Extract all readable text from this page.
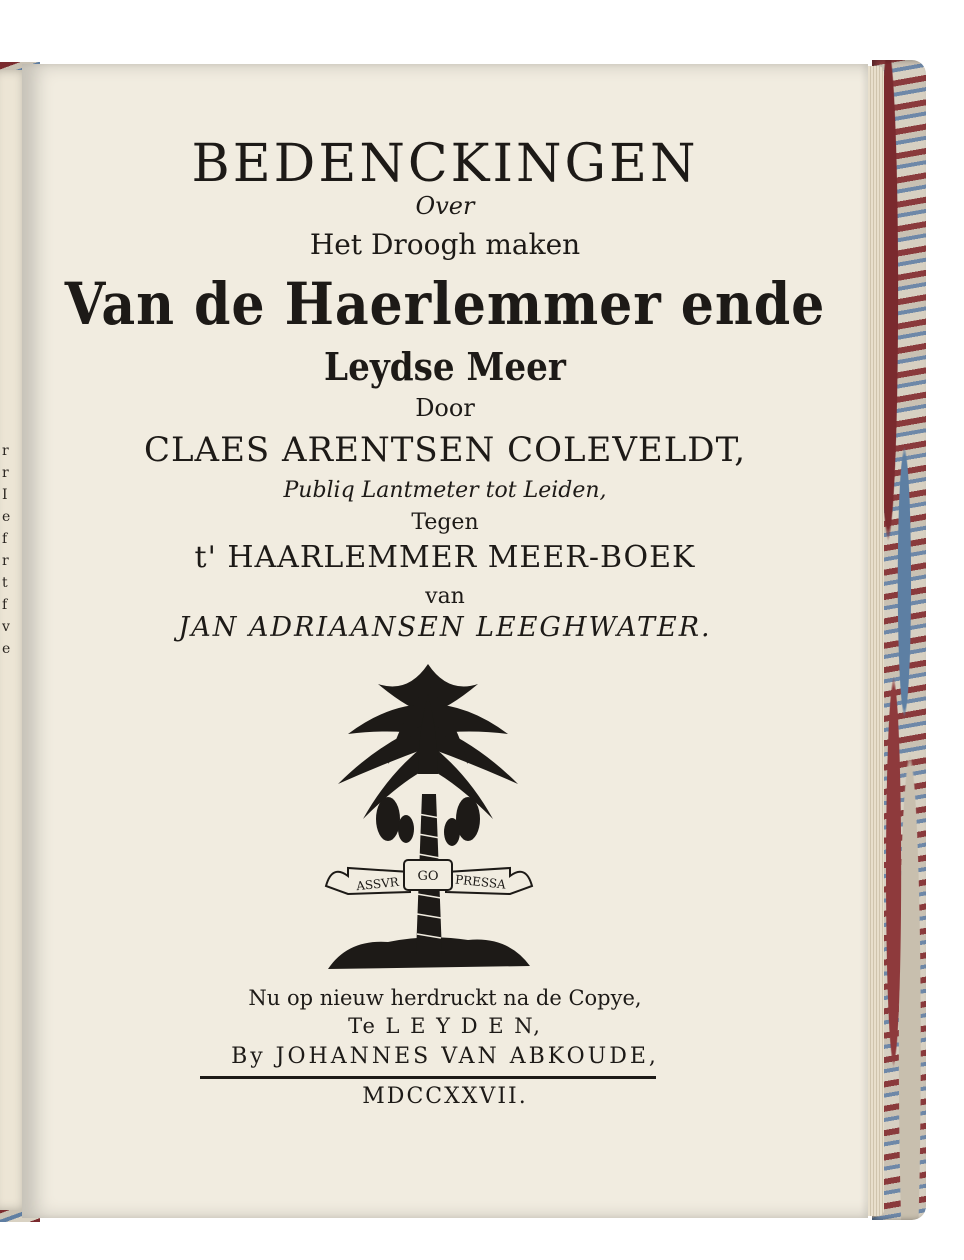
r
r
I
e
f
r
t
f
v
e
BEDENCKINGEN
Over
Het Droogh maken
Van de Haerlemmer ende
Leydse Meer
Door
CLAES ARENTSEN COLEVELDT,
Publiq Lantmeter tot Leiden,
Tegen
t' HAARLEMMER MEER-BOEK
van
JAN ADRIAANSEN LEEGHWATER.
ASSVR GO PRESSA
Nu op nieuw herdruckt na de Copye,
Te L E Y D E N,
By JOHANNES VAN ABKOUDE,
MDCCXXVII.
